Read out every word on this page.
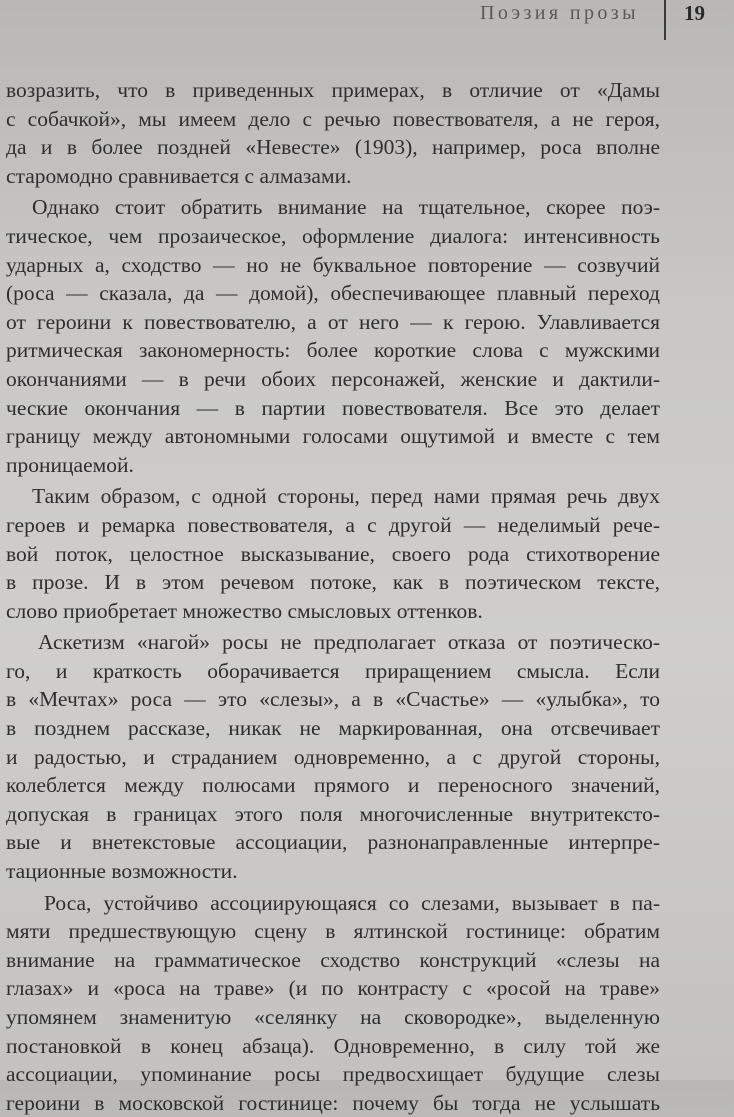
Поэзия прозы 19
возразить, что в приведенных примерах, в отличие от «Дамы
с собачкой», мы имеем дело с речью повествователя, а не героя,
да и в более поздней «Невесте» (1903), например, роса вполне
старомодно сравнивается с алмазами.
Однако стоит обратить внимание на тщательное, скорее поэ-
тическое, чем прозаическое, оформление диалога: интенсивность
ударных а, сходство — но не буквальное повторение — созвучий
(роса — сказала, да — домой), обеспечивающее плавный переход
от героини к повествователю, а от него — к герою. Улавливается
ритмическая закономерность: более короткие слова с мужскими
окончаниями — в речи обоих персонажей, женские и дактили-
ческие окончания — в партии повествователя. Все это делает
границу между автономными голосами ощутимой и вместе с тем
проницаемой.
Таким образом, с одной стороны, перед нами прямая речь двух
героев и ремарка повествователя, а с другой — неделимый рече-
вой поток, целостное высказывание, своего рода стихотворение
в прозе. И в этом речевом потоке, как в поэтическом тексте,
слово приобретает множество смысловых оттенков.
Аскетизм «нагой» росы не предполагает отказа от поэтическо-
го, и краткость оборачивается приращением смысла. Если
в «Мечтах» роса — это «слезы», а в «Счастье» — «улыбка», то
в позднем рассказе, никак не маркированная, она отсвечивает
и радостью, и страданием одновременно, а с другой стороны,
колеблется между полюсами прямого и переносного значений,
допуская в границах этого поля многочисленные внутритексто-
вые и внетекстовые ассоциации, разнонаправленные интерпре-
тационные возможности.
Роса, устойчиво ассоциирующаяся со слезами, вызывает в па-
мяти предшествующую сцену в ялтинской гостинице: обратим
внимание на грамматическое сходство конструкций «слезы на
глазах» и «роса на траве» (и по контрасту с «росой на траве»
упомянем знаменитую «селянку на сковородке», выделенную
постановкой в конец абзаца). Одновременно, в силу той же
ассоциации, упоминание росы предвосхищает будущие слезы
героини в московской гостинице: почему бы тогда не услышать
